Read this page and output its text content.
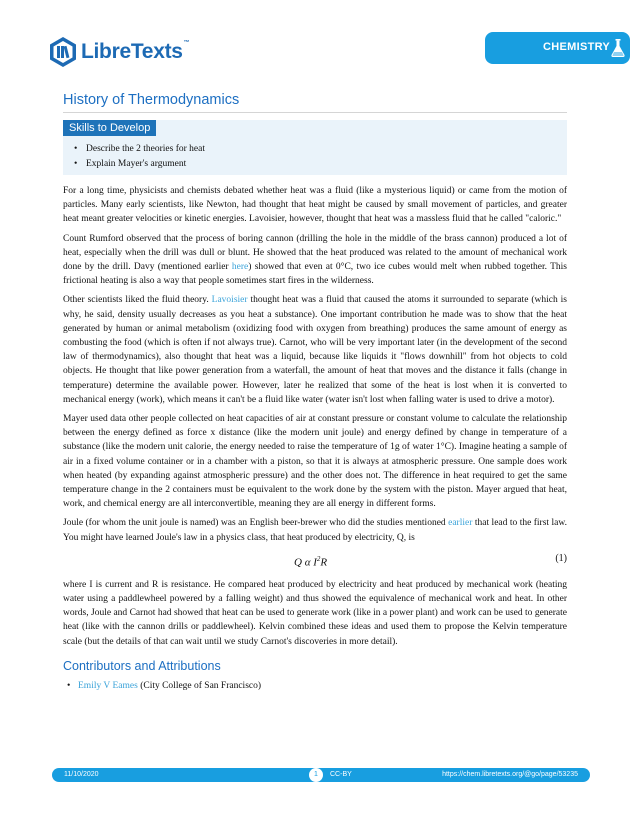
LibreTexts™	CHEMISTRY
History of Thermodynamics
Skills to Develop
• Describe the 2 theories for heat
• Explain Mayer's argument

For a long time, physicists and chemists debated whether heat was a fluid (like a mysterious liquid) or came from the motion of particles. Many early scientists, like Newton, had thought that heat might be caused by small movement of particles, and greater heat meant greater velocities or kinetic energies. Lavoisier, however, thought that heat was a massless fluid that he called "caloric."

Count Rumford observed that the process of boring cannon (drilling the hole in the middle of the brass cannon) produced a lot of heat, especially when the drill was dull or blunt. He showed that the heat produced was related to the amount of mechanical work done by the drill. Davy (mentioned earlier here) showed that even at 0°C, two ice cubes would melt when rubbed together. This frictional heating is also a way that people sometimes start fires in the wilderness.

Other scientists liked the fluid theory. Lavoisier thought heat was a fluid that caused the atoms it surrounded to separate (which is why, he said, density usually decreases as you heat a substance). One important contribution he made was to show that the heat generated by human or animal metabolism (oxidizing food with oxygen from breathing) produces the same amount of energy as combusting the food (which is often if not always true). Carnot, who will be very important later (in the development of the second law of thermodynamics), also thought that heat was a liquid, because like liquids it "flows downhill" from hot objects to cold objects. He thought that like power generation from a waterfall, the amount of heat that moves and the distance it falls (change in temperature) determine the available power. However, later he realized that some of the heat is lost when it is converted to mechanical energy (work), which means it can't be a fluid like water (water isn't lost when falling water is used to drive a motor).

Mayer used data other people collected on heat capacities of air at constant pressure or constant volume to calculate the relationship between the energy defined as force x distance (like the modern unit joule) and energy defined by change in temperature of a substance (like the modern unit calorie, the energy needed to raise the temperature of 1g of water 1°C). Imagine heating a sample of air in a fixed volume container or in a chamber with a piston, so that it is always at atmospheric pressure. One sample does work when heated (by expanding against atmospheric pressure) and the other does not. The difference in heat required to get the same temperature change in the 2 containers must be equivalent to the work done by the system with the piston. Mayer argued that heat, work, and chemical energy are all interconvertible, meaning they are all energy in different forms.

Joule (for whom the unit joule is named) was an English beer-brewer who did the studies mentioned earlier that lead to the first law. You might have learned Joule's law in a physics class, that heat produced by electricity, Q, is

Q α $I^2R$	(1)

where I is current and R is resistance. He compared heat produced by electricity and heat produced by mechanical work (heating water using a paddlewheel powered by a falling weight) and thus showed the equivalence of mechanical work and heat. In other words, Joule and Carnot had showed that heat can be used to generate work (like in a power plant) and work can be used to generate heat (like with the cannon drills or paddlewheel). Kelvin combined these ideas and used them to propose the Kelvin temperature scale (but the details of that can wait until we study Carnot's discoveries in more detail).

Contributors and Attributions
• Emily V Eames (City College of San Francisco)
11/10/2020	1	CC-BY	https://chem.libretexts.org/@go/page/53235
